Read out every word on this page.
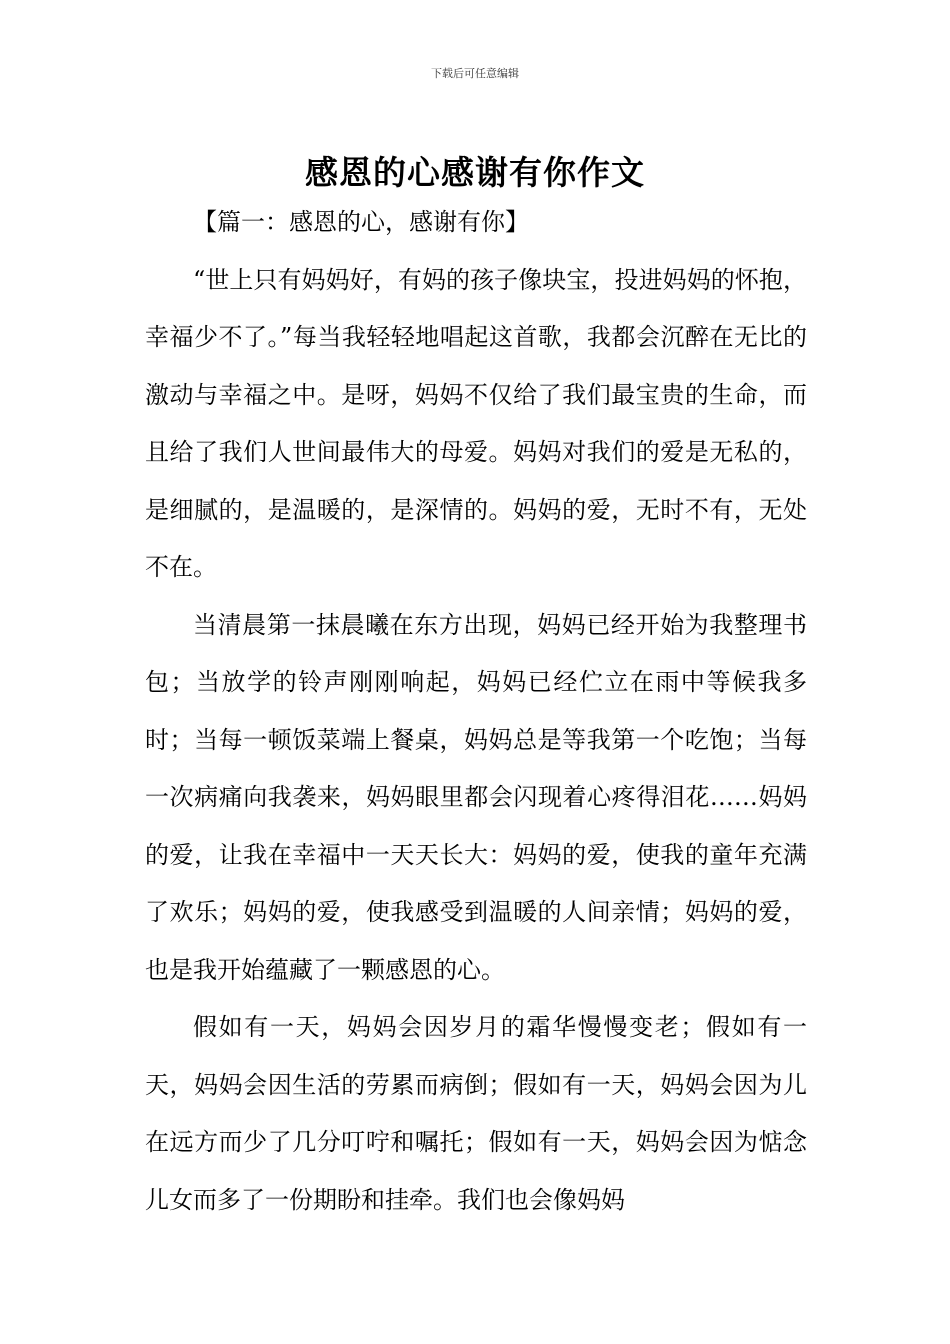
下载后可任意编辑
感恩的心感谢有你作文

【篇一：感恩的心，感谢有你】

“世上只有妈妈好，有妈的孩子像块宝，投进妈妈的怀抱，幸福少不了。”每当我轻轻地唱起这首歌，我都会沉醉在无比的激动与幸福之中。是呀，妈妈不仅给了我们最宝贵的生命，而且给了我们人世间最伟大的母爱。妈妈对我们的爱是无私的，是细腻的，是温暖的，是深情的。妈妈的爱，无时不有，无处不在。

当清晨第一抹晨曦在东方出现，妈妈已经开始为我整理书包；当放学的铃声刚刚响起，妈妈已经伫立在雨中等候我多时；当每一顿饭菜端上餐桌，妈妈总是等我第一个吃饱；当每一次病痛向我袭来，妈妈眼里都会闪现着心疼得泪花……妈妈的爱，让我在幸福中一天天长大：妈妈的爱，使我的童年充满了欢乐；妈妈的爱，使我感受到温暖的人间亲情；妈妈的爱，也是我开始蕴藏了一颗感恩的心。

假如有一天，妈妈会因岁月的霜华慢慢变老；假如有一天，妈妈会因生活的劳累而病倒；假如有一天，妈妈会因为儿在远方而少了几分叮咛和嘱托；假如有一天，妈妈会因为惦念儿女而多了一份期盼和挂牵。我们也会像妈妈
